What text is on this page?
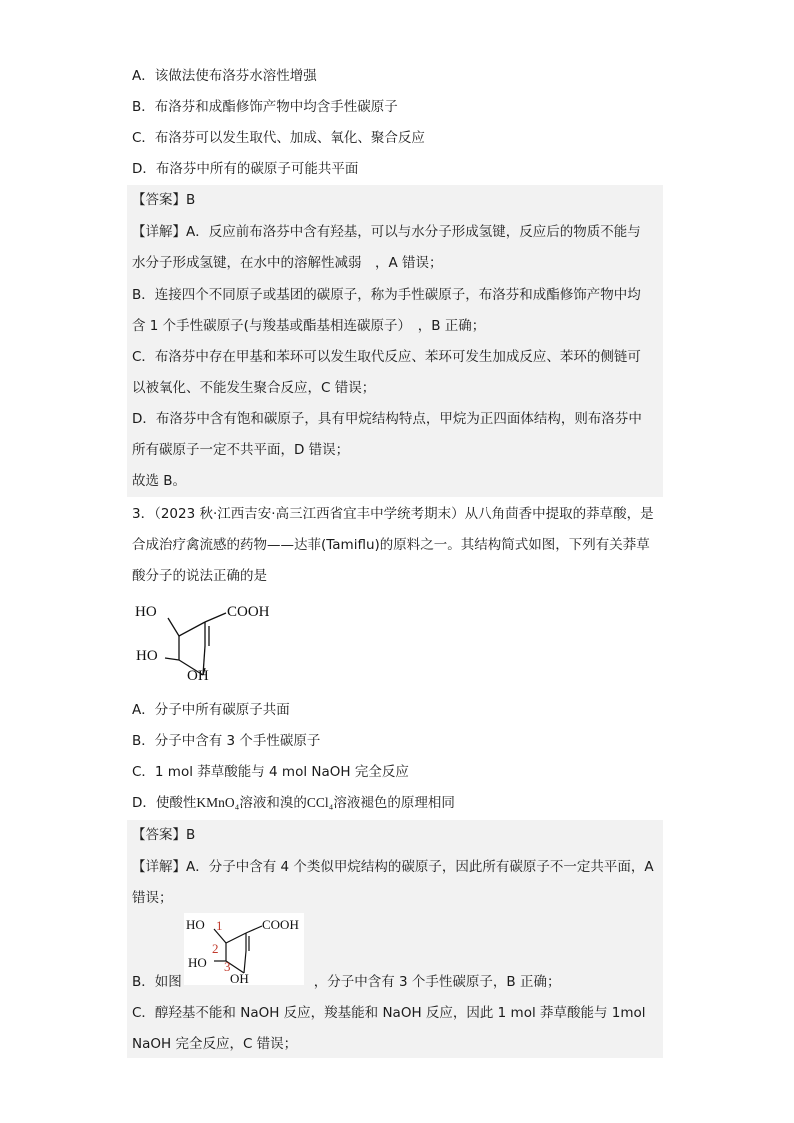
A．该做法使布洛芬水溶性增强
B．布洛芬和成酯修饰产物中均含手性碳原子
C．布洛芬可以发生取代、加成、氧化、聚合反应
D．布洛芬中所有的碳原子可能共平面
【答案】B
【详解】A．反应前布洛芬中含有羟基，可以与水分子形成氢键，反应后的物质不能与
水分子形成氢键，在水中的溶解性减弱　，A 错误；
B．连接四个不同原子或基团的碳原子，称为手性碳原子，布洛芬和成酯修饰产物中均
含 1 个手性碳原子(与羧基或酯基相连碳原子）　，B 正确；
C．布洛芬中存在甲基和苯环可以发生取代反应、苯环可发生加成反应、苯环的侧链可
以被氧化、不能发生聚合反应，C 错误；
D．布洛芬中含有饱和碳原子，具有甲烷结构特点，甲烷为正四面体结构，则布洛芬中
所有碳原子一定不共平面，D 错误；
故选 B。
3．（2023 秋·江西吉安·高三江西省宜丰中学统考期末）从八角茴香中提取的莽草酸，是
合成治疗禽流感的药物——达菲(Tamiflu)的原料之一。其结构简式如图，下列有关莽草
酸分子的说法正确的是
HO	COOH
HO
OH
A．分子中所有碳原子共面
B．分子中含有 3 个手性碳原子
C．1 mol 莽草酸能与 4 mol NaOH 完全反应
D．使酸性KMnO₄溶液和溴的CCl₄溶液褪色的原理相同
【答案】B
【详解】A．分子中含有 4 个类似甲烷结构的碳原子，因此所有碳原子不一定共平面，A
错误；
HO	COOH
HO
OH
1
2
3
B．如图	，分子中含有 3 个手性碳原子，B 正确；
C．醇羟基不能和 NaOH 反应，羧基能和 NaOH 反应，因此 1 mol 莽草酸能与 1mol
NaOH 完全反应，C 错误；
